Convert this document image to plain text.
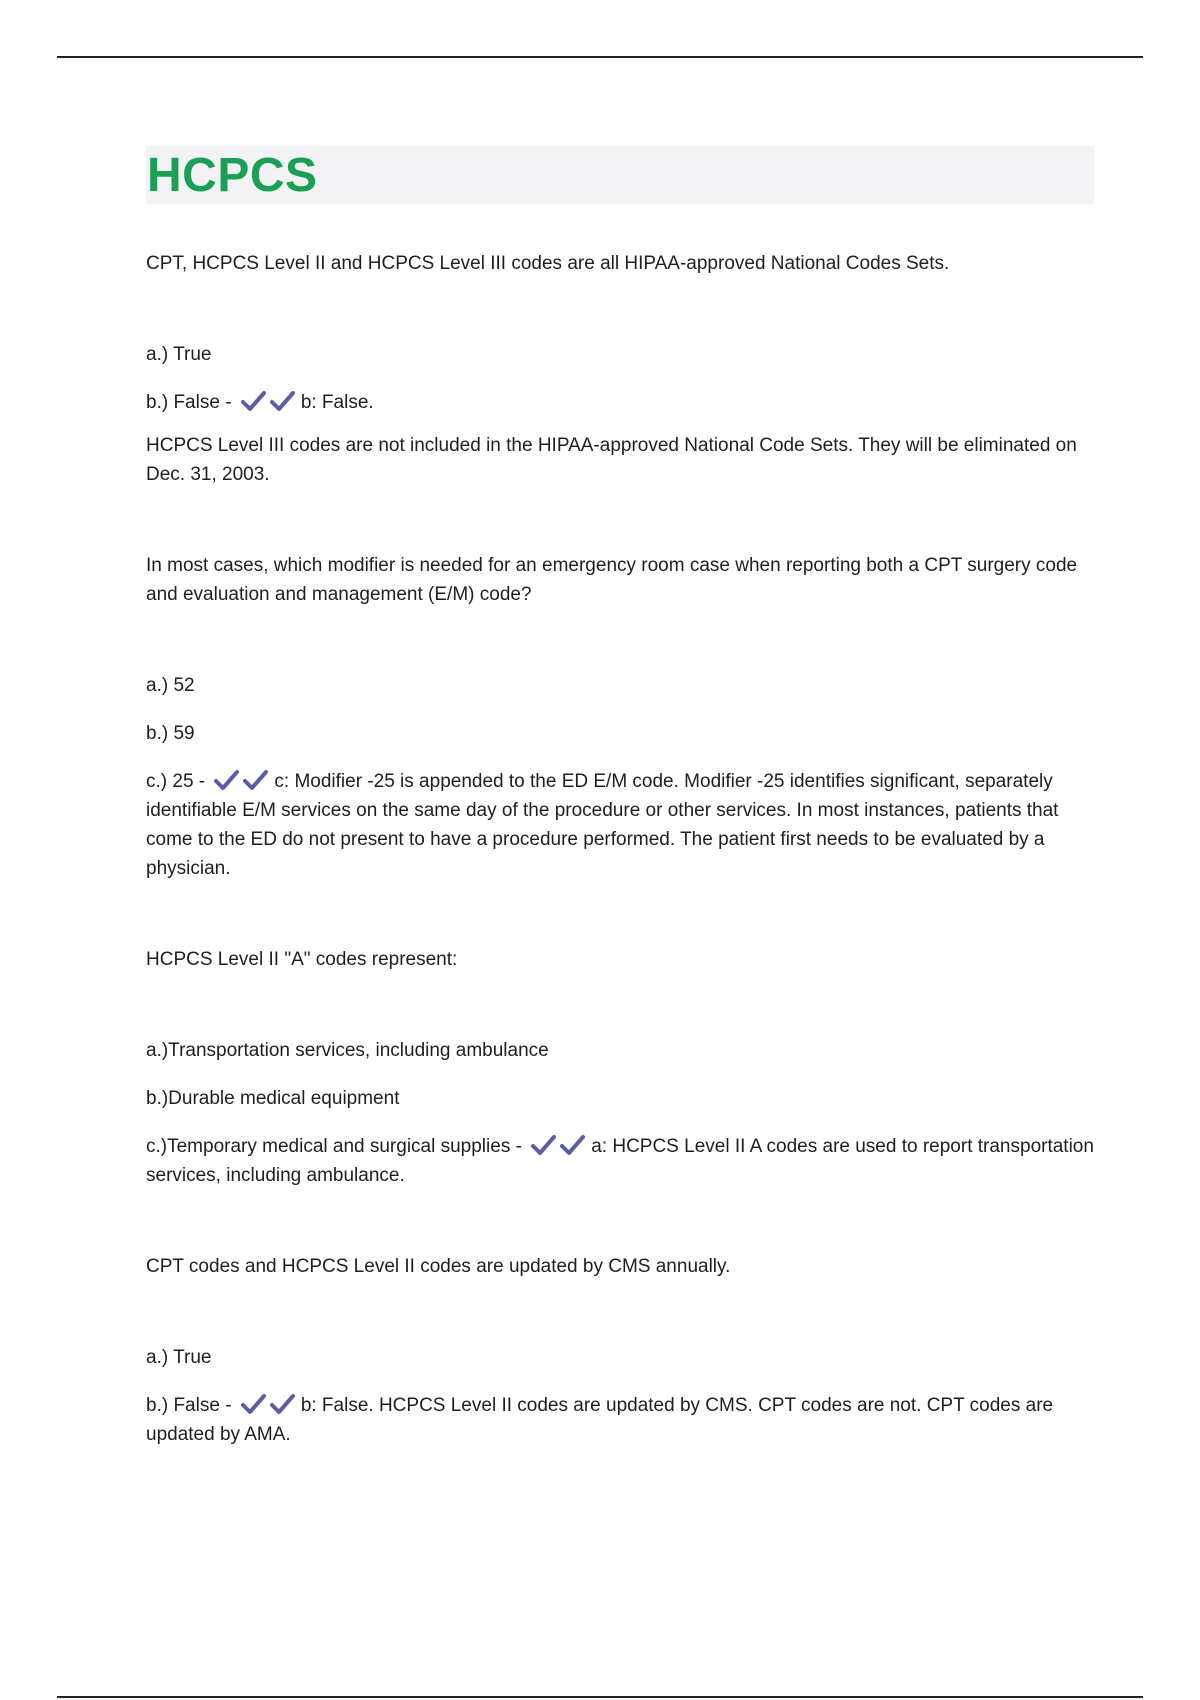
HCPCS

CPT, HCPCS Level II and HCPCS Level III codes are all HIPAA-approved National Codes Sets.

a.) True

b.) False -	b: False.

HCPCS Level III codes are not included in the HIPAA-approved National Code Sets. They will be eliminated on Dec. 31, 2003.

In most cases, which modifier is needed for an emergency room case when reporting both a CPT surgery code and evaluation and management (E/M) code?

a.) 52

b.) 59

c.) 25 -	c: Modifier -25 is appended to the ED E/M code. Modifier -25 identifies significant, separately identifiable E/M services on the same day of the procedure or other services. In most instances, patients that come to the ED do not present to have a procedure performed. The patient first needs to be evaluated by a physician.

HCPCS Level II "A" codes represent:

a.)Transportation services, including ambulance

b.)Durable medical equipment

c.)Temporary medical and surgical supplies -	a: HCPCS Level II A codes are used to report transportation services, including ambulance.

CPT codes and HCPCS Level II codes are updated by CMS annually.

a.) True

b.) False -	b: False. HCPCS Level II codes are updated by CMS. CPT codes are not. CPT codes are updated by AMA.
